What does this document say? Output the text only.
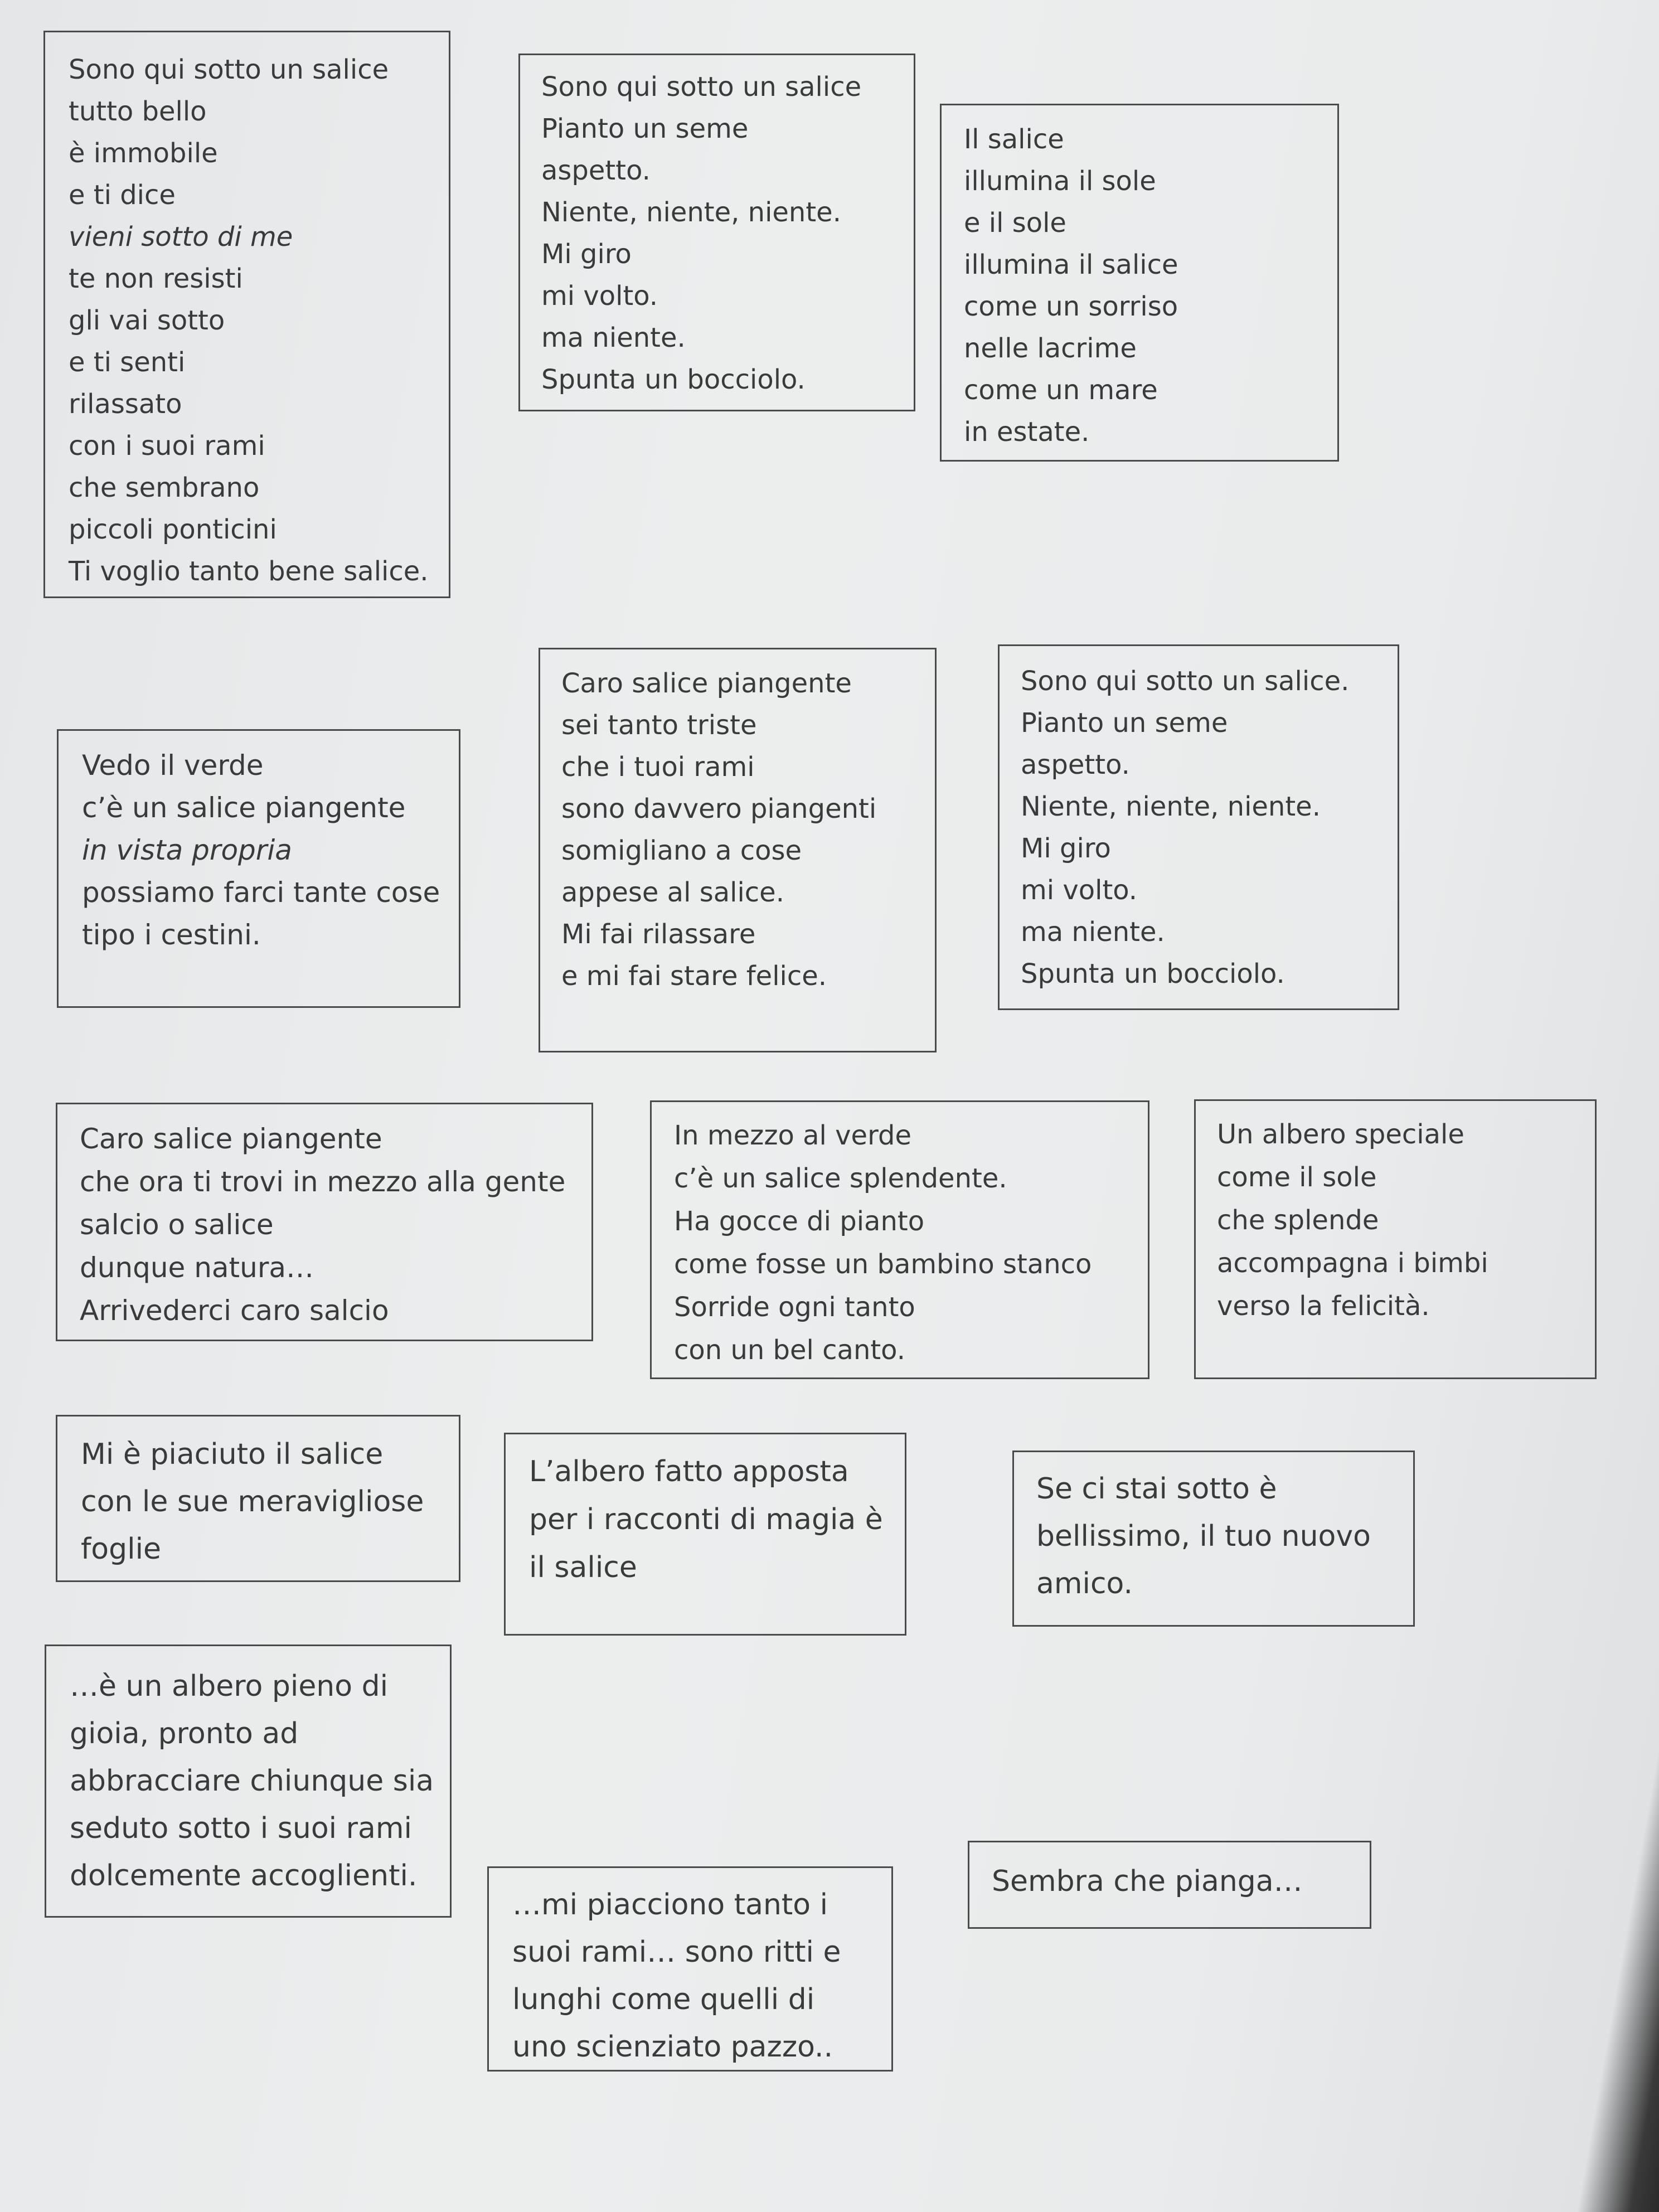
Sono qui sotto un salice
tutto bello
è immobile
e ti dice
vieni sotto di me
te non resisti
gli vai sotto
e ti senti
rilassato
con i suoi rami
che sembrano
piccoli ponticini
Ti voglio tanto bene salice.
Sono qui sotto un salice
Pianto un seme
aspetto.
Niente, niente, niente.
Mi giro
mi volto.
ma niente.
Spunta un bocciolo.
Il salice
illumina il sole
e il sole
illumina il salice
come un sorriso
nelle lacrime
come un mare
in estate.
Vedo il verde
c’è un salice piangente
in vista propria
possiamo farci tante cose
tipo i cestini.
Caro salice piangente
sei tanto triste
che i tuoi rami
sono davvero piangenti
somigliano a cose
appese al salice.
Mi fai rilassare
e mi fai stare felice.
Sono qui sotto un salice.
Pianto un seme
aspetto.
Niente, niente, niente.
Mi giro
mi volto.
ma niente.
Spunta un bocciolo.
Caro salice piangente
che ora ti trovi in mezzo alla gente
salcio o salice
dunque natura…
Arrivederci caro salcio
In mezzo al verde
c’è un salice splendente.
Ha gocce di pianto
come fosse un bambino stanco
Sorride ogni tanto
con un bel canto.
Un albero speciale
come il sole
che splende
accompagna i bimbi
verso la felicità.
Mi è piaciuto il salice
con le sue meravigliose
foglie
L’albero fatto apposta
per i racconti di magia è
il salice
Se ci stai sotto è
bellissimo, il tuo nuovo
amico.
…è un albero pieno di
gioia, pronto ad
abbracciare chiunque sia
seduto sotto i suoi rami
dolcemente accoglienti.
…mi piacciono tanto i
suoi rami… sono ritti e
lunghi come quelli di
uno scienziato pazzo..
Sembra che pianga…
